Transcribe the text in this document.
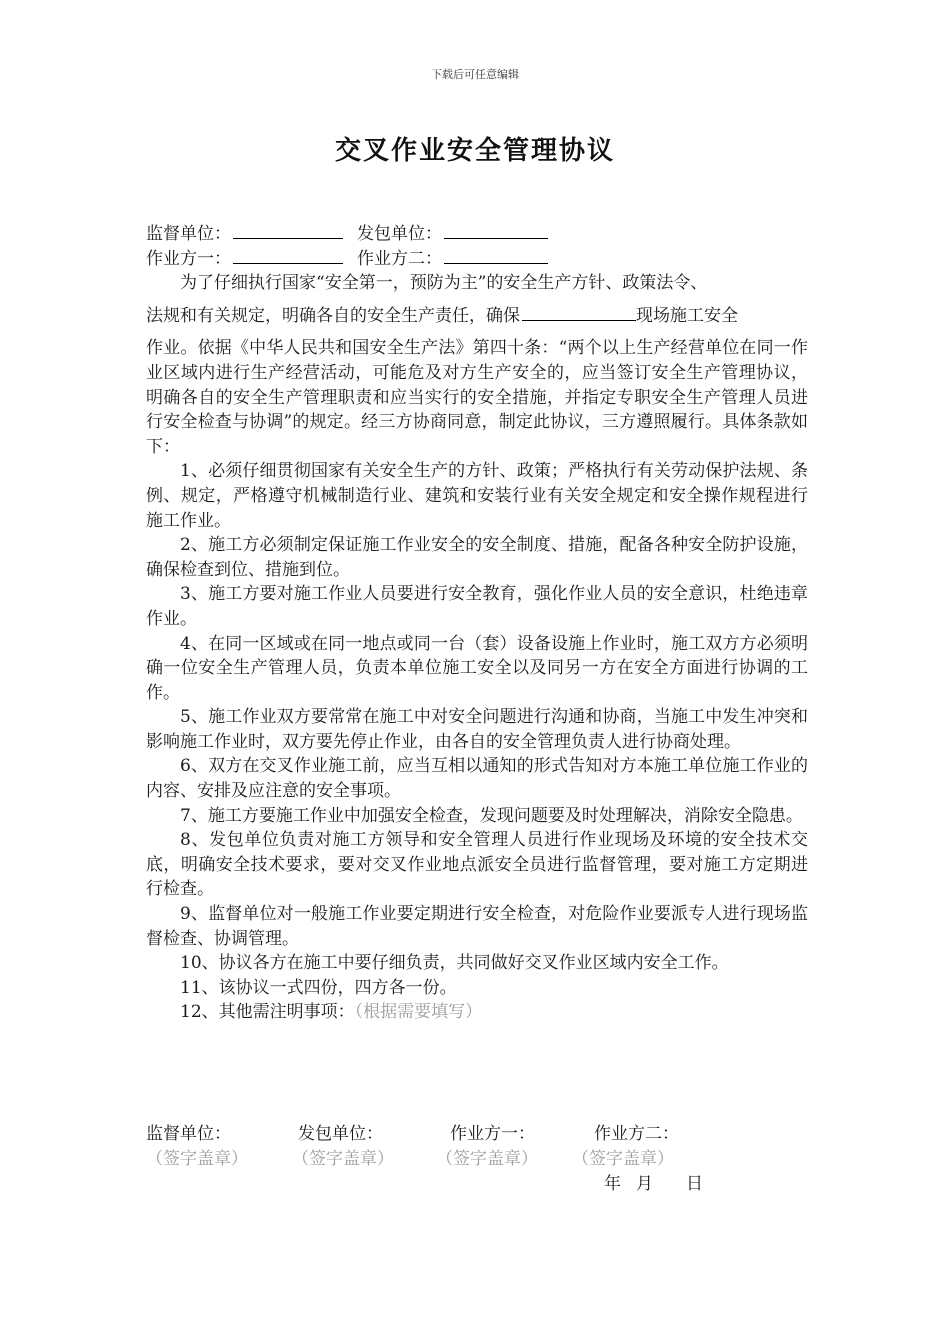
下载后可任意编辑
交叉作业安全管理协议
监督单位：	发包单位：
作业方一：	作业方二：
为了仔细执行国家“安全第一，预防为主”的安全生产方针、政策法令、
法规和有关规定，明确各自的安全生产责任，确保	现场施工安全
作业。依据《中华人民共和国安全生产法》第四十条：“两个以上生产经营单位在同一作业区域内进行生产经营活动，可能危及对方生产安全的，应当签订安全生产管理协议，明确各自的安全生产管理职责和应当实行的安全措施，并指定专职安全生产管理人员进行安全检查与协调”的规定。经三方协商同意，制定此协议，三方遵照履行。具体条款如下：
1、必须仔细贯彻国家有关安全生产的方针、政策；严格执行有关劳动保护法规、条例、规定，严格遵守机械制造行业、建筑和安装行业有关安全规定和安全操作规程进行施工作业。
2、施工方必须制定保证施工作业安全的安全制度、措施，配备各种安全防护设施，确保检查到位、措施到位。
3、施工方要对施工作业人员要进行安全教育，强化作业人员的安全意识，杜绝违章作业。
4、在同一区域或在同一地点或同一台（套）设备设施上作业时，施工双方方必须明确一位安全生产管理人员，负责本单位施工安全以及同另一方在安全方面进行协调的工作。
5、施工作业双方要常常在施工中对安全问题进行沟通和协商，当施工中发生冲突和影响施工作业时，双方要先停止作业，由各自的安全管理负责人进行协商处理。
6、双方在交叉作业施工前，应当互相以通知的形式告知对方本施工单位施工作业的内容、安排及应注意的安全事项。
7、施工方要施工作业中加强安全检查，发现问题要及时处理解决，消除安全隐患。
8、发包单位负责对施工方领导和安全管理人员进行作业现场及环境的安全技术交底，明确安全技术要求，要对交叉作业地点派安全员进行监督管理，要对施工方定期进行检查。
9、监督单位对一般施工作业要定期进行安全检查，对危险作业要派专人进行现场监督检查、协调管理。
10、协议各方在施工中要仔细负责，共同做好交叉作业区域内安全工作。
11、该协议一式四份，四方各一份。
12、其他需注明事项：（根据需要填写）
监督单位：	发包单位：	作业方一：	作业方二：
（签字盖章）	（签字盖章） （签字盖章） （签字盖章）
年 月 日
